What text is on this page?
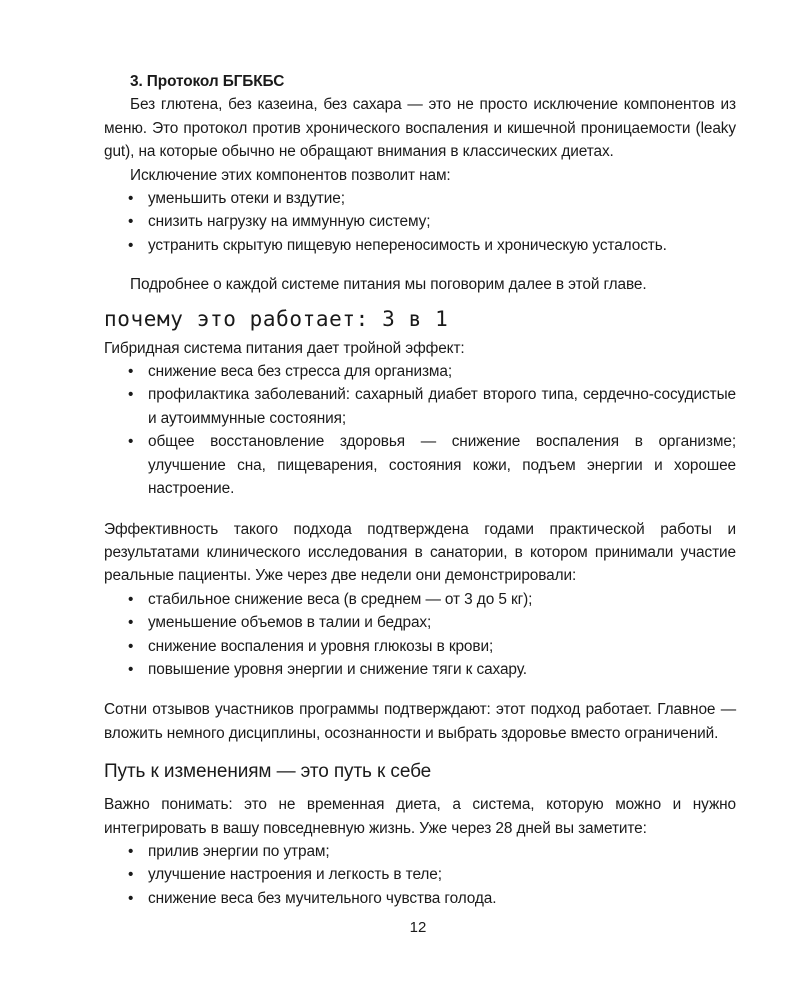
3. Протокол БГБКБС

Без глютена, без казеина, без сахара — это не просто исключение компонентов из меню. Это протокол против хронического воспаления и кишечной проницаемости (leaky gut), на которые обычно не обращают внимания в классических диетах.

Исключение этих компонентов позволит нам:

• уменьшить отеки и вздутие;
• снизить нагрузку на иммунную систему;
• устранить скрытую пищевую непереносимость и хроническую усталость.

Подробнее о каждой системе питания мы поговорим далее в этой главе.

почему это работает: 3 в 1

Гибридная система питания дает тройной эффект:

• снижение веса без стресса для организма;
• профилактика заболеваний: сахарный диабет второго типа, сердечно-сосудистые и аутоиммунные состояния;
• общее восстановление здоровья — снижение воспаления в организме; улучшение сна, пищеварения, состояния кожи, подъем энергии и хорошее настроение.

Эффективность такого подхода подтверждена годами практической работы и результатами клинического исследования в санатории, в котором принимали участие реальные пациенты. Уже через две недели они демонстрировали:

• стабильное снижение веса (в среднем — от 3 до 5 кг);
• уменьшение объемов в талии и бедрах;
• снижение воспаления и уровня глюкозы в крови;
• повышение уровня энергии и снижение тяги к сахару.

Сотни отзывов участников программы подтверждают: этот подход работает. Главное — вложить немного дисциплины, осознанности и выбрать здоровье вместо ограничений.

Путь к изменениям — это путь к себе

Важно понимать: это не временная диета, а система, которую можно и нужно интегрировать в вашу повседневную жизнь. Уже через 28 дней вы заметите:

• прилив энергии по утрам;
• улучшение настроения и легкость в теле;
• снижение веса без мучительного чувства голода.
12
